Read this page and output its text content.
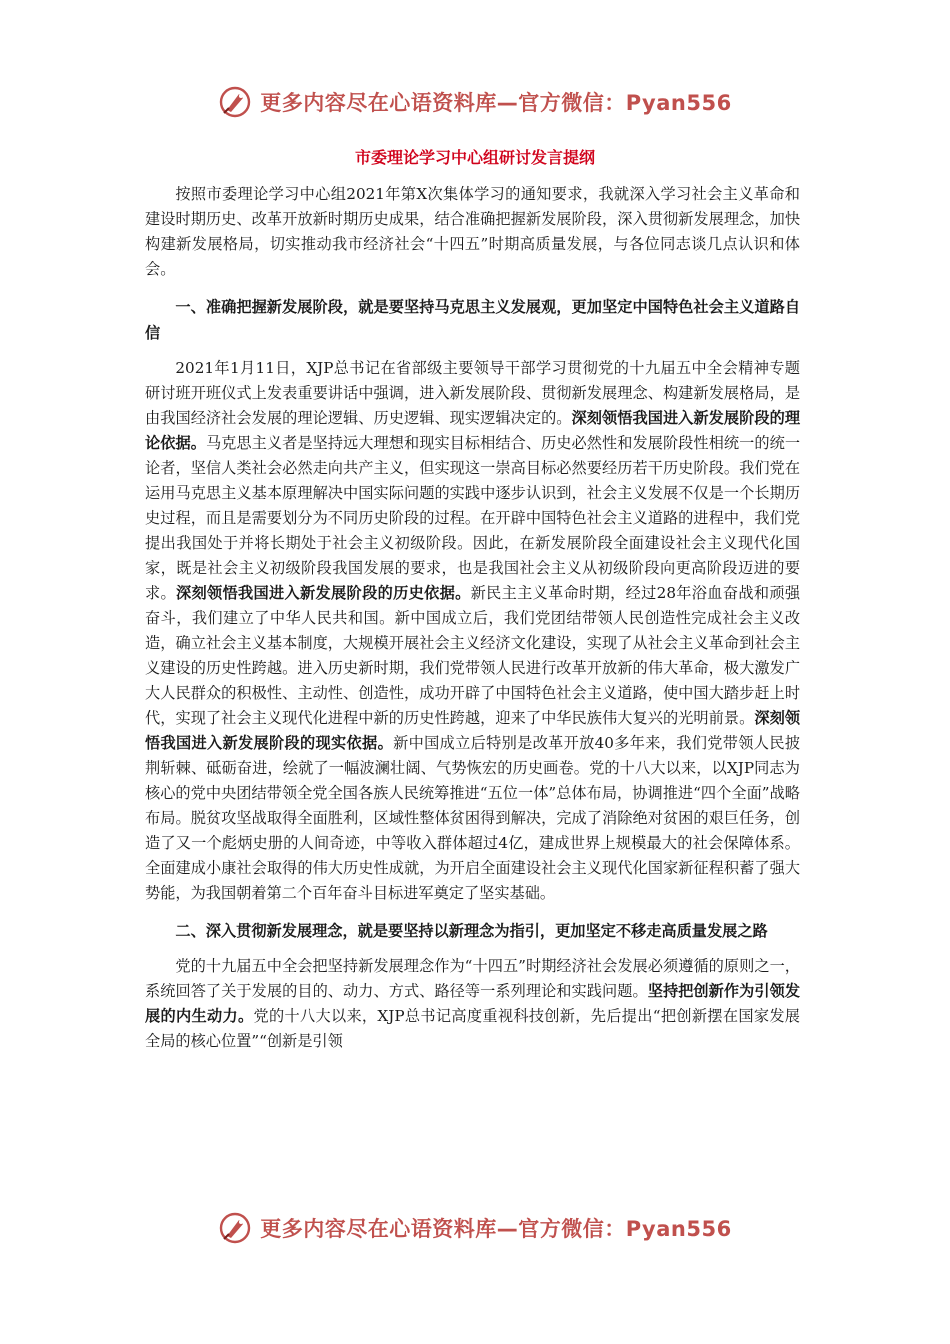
更多内容尽在心语资料库—官方微信：Pyan556
市委理论学习中心组研讨发言提纲

按照市委理论学习中心组2021年第X次集体学习的通知要求，我就深入学习社会主义革命和建设时期历史、改革开放新时期历史成果，结合准确把握新发展阶段，深入贯彻新发展理念，加快构建新发展格局，切实推动我市经济社会“十四五”时期高质量发展，与各位同志谈几点认识和体会。

一、准确把握新发展阶段，就是要坚持马克思主义发展观，更加坚定中国特色社会主义道路自信

2021年1月11日，XJP总书记在省部级主要领导干部学习贯彻党的十九届五中全会精神专题研讨班开班仪式上发表重要讲话中强调，进入新发展阶段、贯彻新发展理念、构建新发展格局，是由我国经济社会发展的理论逻辑、历史逻辑、现实逻辑决定的。深刻领悟我国进入新发展阶段的理论依据。马克思主义者是坚持远大理想和现实目标相结合、历史必然性和发展阶段性相统一的统一论者，坚信人类社会必然走向共产主义，但实现这一崇高目标必然要经历若干历史阶段。我们党在运用马克思主义基本原理解决中国实际问题的实践中逐步认识到，社会主义发展不仅是一个长期历史过程，而且是需要划分为不同历史阶段的过程。在开辟中国特色社会主义道路的进程中，我们党提出我国处于并将长期处于社会主义初级阶段。因此，在新发展阶段全面建设社会主义现代化国家，既是社会主义初级阶段我国发展的要求，也是我国社会主义从初级阶段向更高阶段迈进的要求。深刻领悟我国进入新发展阶段的历史依据。新民主主义革命时期，经过28年浴血奋战和顽强奋斗，我们建立了中华人民共和国。新中国成立后，我们党团结带领人民创造性完成社会主义改造，确立社会主义基本制度，大规模开展社会主义经济文化建设，实现了从社会主义革命到社会主义建设的历史性跨越。进入历史新时期，我们党带领人民进行改革开放新的伟大革命，极大激发广大人民群众的积极性、主动性、创造性，成功开辟了中国特色社会主义道路，使中国大踏步赶上时代，实现了社会主义现代化进程中新的历史性跨越，迎来了中华民族伟大复兴的光明前景。深刻领悟我国进入新发展阶段的现实依据。新中国成立后特别是改革开放40多年来，我们党带领人民披荆斩棘、砥砺奋进，绘就了一幅波澜壮阔、气势恢宏的历史画卷。党的十八大以来，以XJP同志为核心的党中央团结带领全党全国各族人民统筹推进“五位一体”总体布局，协调推进“四个全面”战略布局。脱贫攻坚战取得全面胜利，区域性整体贫困得到解决，完成了消除绝对贫困的艰巨任务，创造了又一个彪炳史册的人间奇迹，中等收入群体超过4亿，建成世界上规模最大的社会保障体系。全面建成小康社会取得的伟大历史性成就，为开启全面建设社会主义现代化国家新征程积蓄了强大势能，为我国朝着第二个百年奋斗目标进军奠定了坚实基础。

二、深入贯彻新发展理念，就是要坚持以新理念为指引，更加坚定不移走高质量发展之路

党的十九届五中全会把坚持新发展理念作为“十四五”时期经济社会发展必须遵循的原则之一，系统回答了关于发展的目的、动力、方式、路径等一系列理论和实践问题。坚持把创新作为引领发展的内生动力。党的十八大以来，XJP总书记高度重视科技创新，先后提出“把创新摆在国家发展全局的核心位置”“创新是引领

更多内容尽在心语资料库—官方微信：Pyan556
